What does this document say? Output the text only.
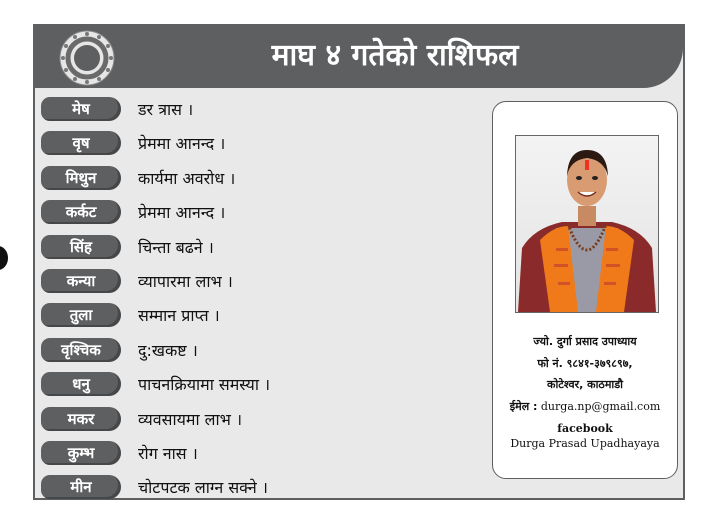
माघ ४ गतेको राशिफल
मेष	डर त्रास ।
वृष	प्रेममा आनन्द ।
मिथुन	कार्यमा अवरोध ।
कर्कट	प्रेममा आनन्द ।
सिंह	चिन्ता बढने ।
कन्या	व्यापारमा लाभ ।
तुला	सम्मान प्राप्त ।
वृश्चिक	दु:खकष्ट ।
धनु	पाचनक्रियामा समस्या ।
मकर	व्यवसायमा लाभ ।
कुम्भ	रोग नास ।
मीन	चोटपटक लाग्न सक्ने ।
ज्यो. दुर्गा प्रसाद उपाध्याय
फो नं. ९८४१-३७९८९७,
कोटेश्वर, काठमाडौ
ईमेल : durga.np@gmail.com
facebook
Durga Prasad Upadhayaya
